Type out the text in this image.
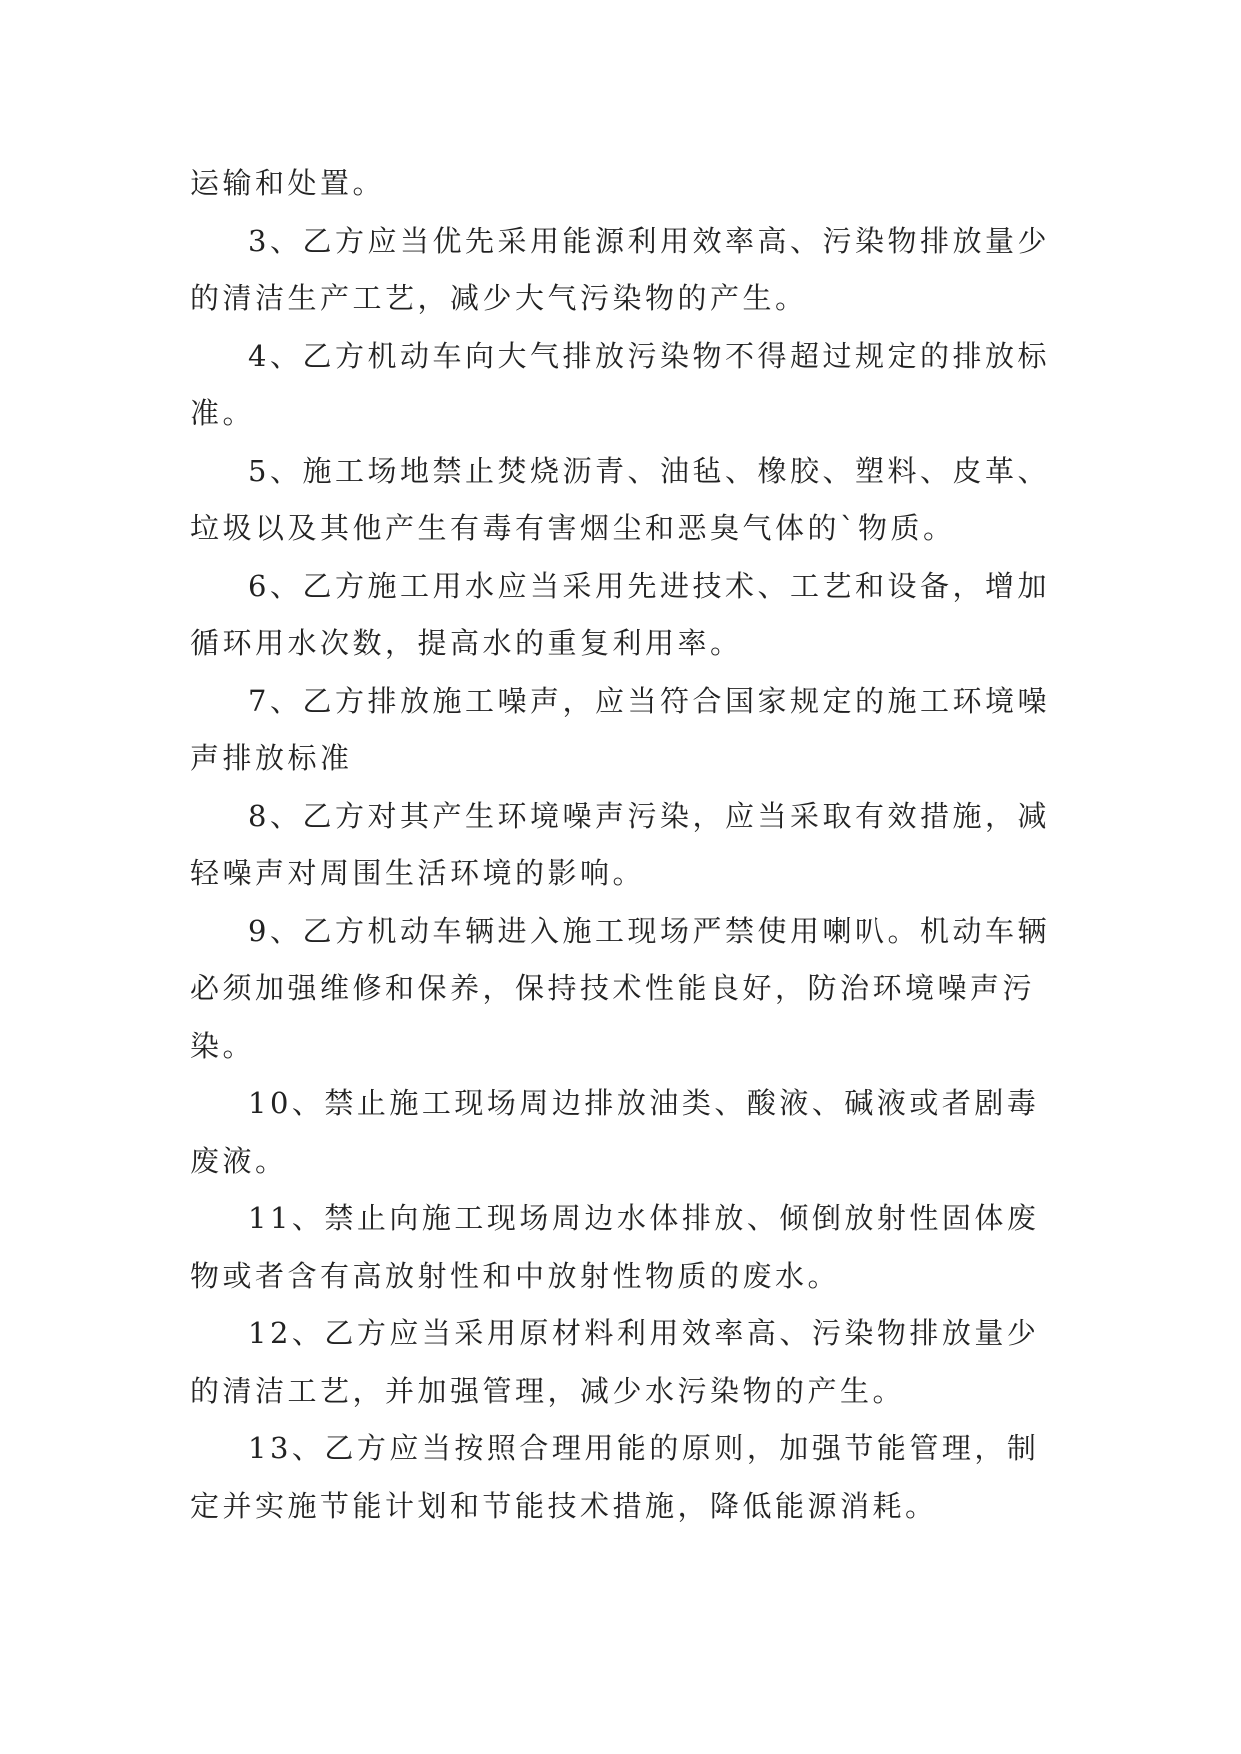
运输和处置。

3、乙方应当优先采用能源利用效率高、污染物排放量少的清洁生产工艺，减少大气污染物的产生。

4、乙方机动车向大气排放污染物不得超过规定的排放标准。

5、施工场地禁止焚烧沥青、油毡、橡胶、塑料、皮革、垃圾以及其他产生有毒有害烟尘和恶臭气体的`物质。

6、乙方施工用水应当采用先进技术、工艺和设备，增加循环用水次数，提高水的重复利用率。

7、乙方排放施工噪声，应当符合国家规定的施工环境噪声排放标准

8、乙方对其产生环境噪声污染，应当采取有效措施，减轻噪声对周围生活环境的影响。

9、乙方机动车辆进入施工现场严禁使用喇叭。机动车辆必须加强维修和保养，保持技术性能良好，防治环境噪声污染。

10、禁止施工现场周边排放油类、酸液、碱液或者剧毒废液。

11、禁止向施工现场周边水体排放、倾倒放射性固体废物或者含有高放射性和中放射性物质的废水。

12、乙方应当采用原材料利用效率高、污染物排放量少的清洁工艺，并加强管理，减少水污染物的产生。

13、乙方应当按照合理用能的原则，加强节能管理，制定并实施节能计划和节能技术措施，降低能源消耗。
